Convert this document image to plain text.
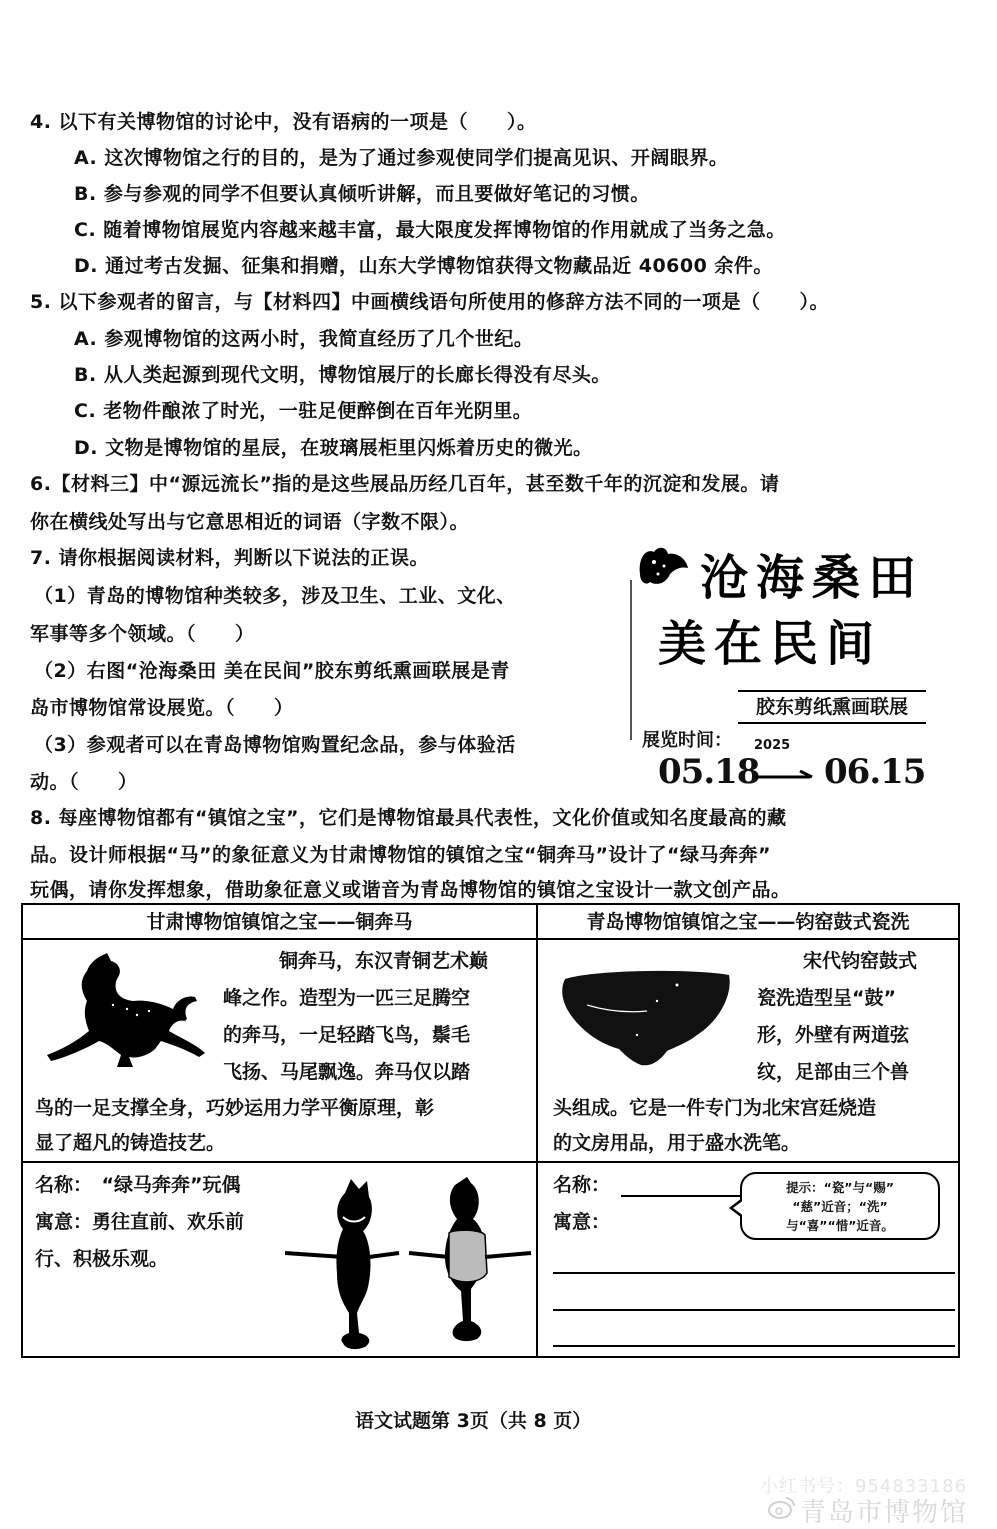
4. 以下有关博物馆的讨论中，没有语病的一项是（　　）。
A. 这次博物馆之行的目的，是为了通过参观使同学们提高见识、开阔眼界。
B. 参与参观的同学不但要认真倾听讲解，而且要做好笔记的习惯。
C. 随着博物馆展览内容越来越丰富，最大限度发挥博物馆的作用就成了当务之急。
D. 通过考古发掘、征集和捐赠，山东大学博物馆获得文物藏品近 40600 余件。
5. 以下参观者的留言，与【材料四】中画横线语句所使用的修辞方法不同的一项是（　　）。
A. 参观博物馆的这两小时，我简直经历了几个世纪。
B. 从人类起源到现代文明，博物馆展厅的长廊长得没有尽头。
C. 老物件酿浓了时光，一驻足便醉倒在百年光阴里。
D. 文物是博物馆的星辰，在玻璃展柜里闪烁着历史的微光。
6.【材料三】中“源远流长”指的是这些展品历经几百年，甚至数千年的沉淀和发展。请
你在横线处写出与它意思相近的词语（字数不限）。
7. 请你根据阅读材料，判断以下说法的正误。
（1）青岛的博物馆种类较多，涉及卫生、工业、文化、
军事等多个领域。（　　）
（2）右图“沧海桑田 美在民间”胶东剪纸熏画联展是青
岛市博物馆常设展览。（　　）
（3）参观者可以在青岛博物馆购置纪念品，参与体验活
动。（　　）
沧海桑田
美在民间
胶东剪纸熏画联展
展览时间： 2025
05.18 06.15
8. 每座博物馆都有“镇馆之宝”，它们是博物馆最具代表性，文化价值或知名度最高的藏
品。设计师根据“马”的象征意义为甘肃博物馆的镇馆之宝“铜奔马”设计了“绿马奔奔”
玩偶，请你发挥想象，借助象征意义或谐音为青岛博物馆的镇馆之宝设计一款文创产品。
甘肃博物馆镇馆之宝——铜奔马	青岛博物馆镇馆之宝——钧窑鼓式瓷洗
铜奔马，东汉青铜艺术巅
峰之作。造型为一匹三足腾空
的奔马，一足轻踏飞鸟，鬃毛
飞扬、马尾飘逸。奔马仅以踏
鸟的一足支撑全身，巧妙运用力学平衡原理，彰
显了超凡的铸造技艺。
宋代钧窑鼓式
瓷洗造型呈“鼓”
形，外壁有两道弦
纹，足部由三个兽
头组成。它是一件专门为北宋宫廷烧造
的文房用品，用于盛水洗笔。
名称：　“绿马奔奔”玩偶
寓意：勇往直前、欢乐前
行、积极乐观。
名称：
寓意：
提示：“瓷”与“赐”
“慈”近音；“洗”
与“喜”“惜”近音。
语文试题第 3页（共 8 页）
小红书号：954833186
青岛市博物馆
